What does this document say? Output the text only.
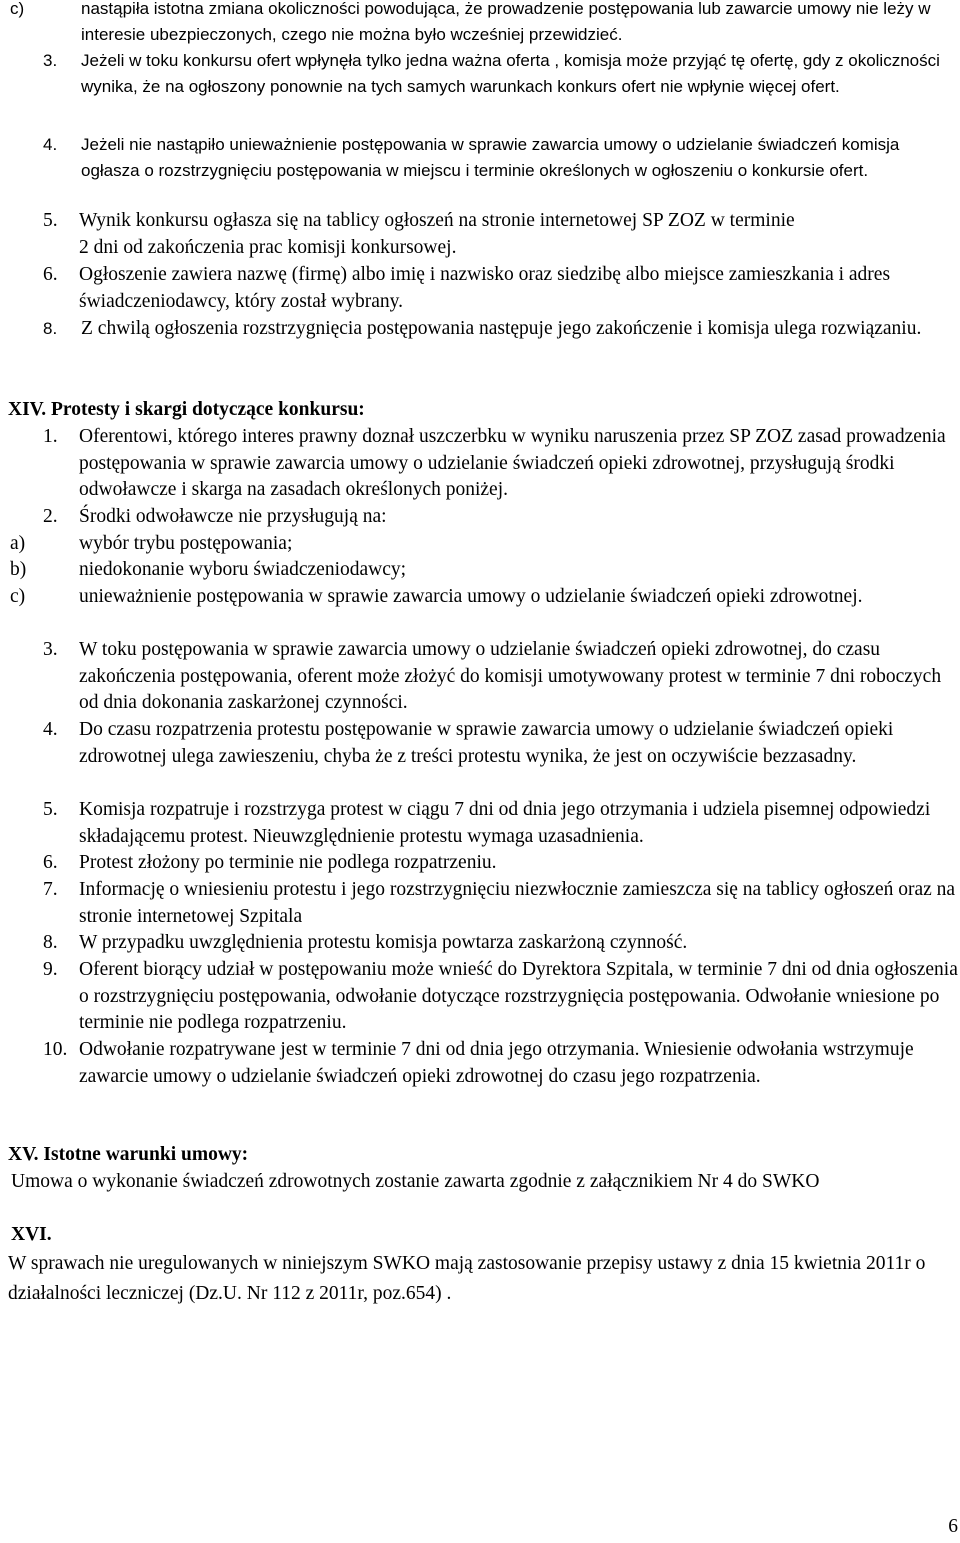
c)	nastąpiła istotna zmiana okoliczności powodująca, że prowadzenie postępowania lub zawarcie umowy nie leży w interesie ubezpieczonych, czego nie można było wcześniej przewidzieć.
3. Jeżeli w toku konkursu ofert wpłynęła tylko jedna ważna oferta , komisja może przyjąć tę ofertę, gdy z okoliczności wynika, że na ogłoszony ponownie na tych samych warunkach konkurs ofert nie wpłynie więcej ofert.
4. Jeżeli nie nastąpiło unieważnienie postępowania w sprawie zawarcia umowy o udzielanie świadczeń komisja ogłasza o rozstrzygnięciu postępowania w miejscu i terminie określonych w ogłoszeniu o konkursie ofert.
5. Wynik konkursu ogłasza się na tablicy ogłoszeń na stronie internetowej SP ZOZ w terminie 2 dni od zakończenia prac komisji konkursowej.
6. Ogłoszenie zawiera nazwę (firmę) albo imię i nazwisko oraz siedzibę albo miejsce zamieszkania i adres świadczeniodawcy, który został wybrany.
8. Z chwilą ogłoszenia rozstrzygnięcia postępowania następuje jego zakończenie i komisja ulega rozwiązaniu.
XIV. Protesty i skargi dotyczące konkursu:
1. Oferentowi, którego interes prawny doznał uszczerbku w wyniku naruszenia przez SP ZOZ zasad prowadzenia postępowania w sprawie zawarcia umowy o udzielanie świadczeń opieki zdrowotnej, przysługują środki odwoławcze i skarga na zasadach określonych poniżej.
2. Środki odwoławcze nie przysługują na:
a)	wybór trybu postępowania;
b)	niedokonanie wyboru świadczeniodawcy;
c)	unieważnienie postępowania w sprawie zawarcia umowy o udzielanie świadczeń opieki zdrowotnej.
3. W toku postępowania w sprawie zawarcia umowy o udzielanie świadczeń opieki zdrowotnej, do czasu zakończenia postępowania, oferent może złożyć do komisji umotywowany protest w terminie 7 dni roboczych od dnia dokonania zaskarżonej czynności.
4. Do czasu rozpatrzenia protestu postępowanie w sprawie zawarcia umowy o udzielanie świadczeń opieki zdrowotnej ulega zawieszeniu, chyba że z treści protestu wynika, że jest on oczywiście bezzasadny.
5. Komisja rozpatruje i rozstrzyga protest w ciągu 7 dni od dnia jego otrzymania i udziela pisemnej odpowiedzi składającemu protest. Nieuwzględnienie protestu wymaga uzasadnienia.
6. Protest złożony po terminie nie podlega rozpatrzeniu.
7. Informację o wniesieniu protestu i jego rozstrzygnięciu niezwłocznie zamieszcza się na tablicy ogłoszeń oraz na stronie internetowej Szpitala
8. W przypadku uwzględnienia protestu komisja powtarza zaskarżoną czynność.
9. Oferent biorący udział w postępowaniu może wnieść do Dyrektora Szpitala, w terminie 7 dni od dnia ogłoszenia o rozstrzygnięciu postępowania, odwołanie dotyczące rozstrzygnięcia postępowania. Odwołanie wniesione po terminie nie podlega rozpatrzeniu.
10. Odwołanie rozpatrywane jest w terminie 7 dni od dnia jego otrzymania. Wniesienie odwołania wstrzymuje zawarcie umowy o udzielanie świadczeń opieki zdrowotnej do czasu jego rozpatrzenia.
XV. Istotne warunki umowy:
Umowa o wykonanie świadczeń zdrowotnych zostanie zawarta zgodnie z załącznikiem Nr 4 do SWKO
XVI.
W sprawach nie uregulowanych w niniejszym SWKO mają zastosowanie przepisy ustawy z dnia 15 kwietnia 2011r o działalności leczniczej (Dz.U. Nr 112 z 2011r, poz.654) .
6
